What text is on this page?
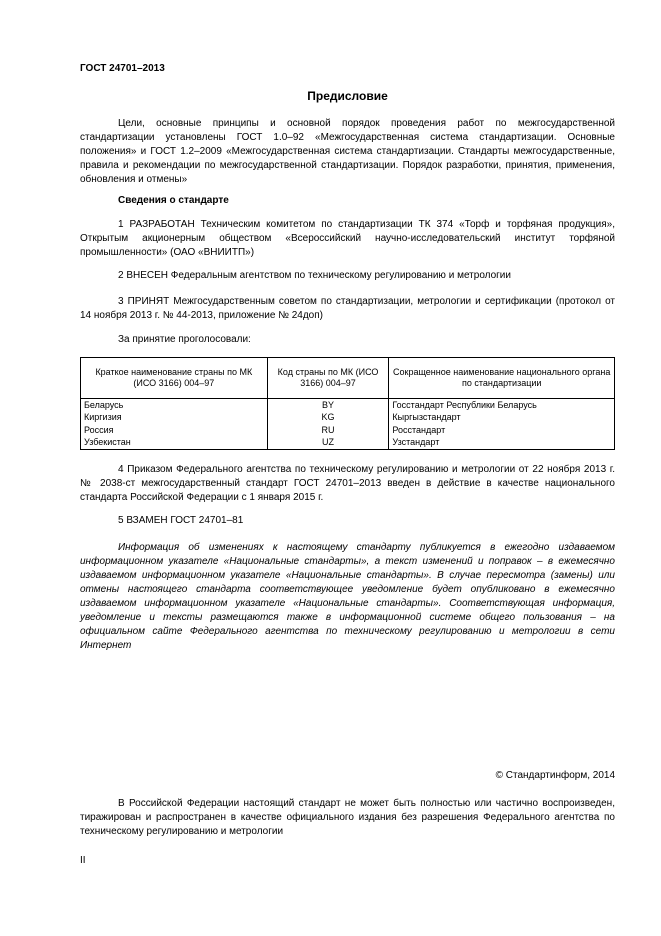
ГОСТ 24701–2013
Предисловие

Цели, основные принципы и основной порядок проведения работ по межгосударственной стандартизации установлены ГОСТ 1.0–92 «Межгосударственная система стандартизации. Основные положения» и ГОСТ 1.2–2009 «Межгосударственная система стандартизации. Стандарты межгосударственные, правила и рекомендации по межгосударственной стандартизации. Порядок разработки, принятия, применения, обновления и отмены»

Сведения о стандарте

1 РАЗРАБОТАН Техническим комитетом по стандартизации ТК 374 «Торф и торфяная продукция», Открытым акционерным обществом «Всероссийский научно-исследовательский институт торфяной промышленности» (ОАО «ВНИИТП»)

2 ВНЕСЕН Федеральным агентством по техническому регулированию и метрологии

3 ПРИНЯТ Межгосударственным советом по стандартизации, метрологии и сертификации (протокол от 14 ноября 2013 г. № 44-2013, приложение № 24доп)

За принятие проголосовали:
Краткое наименование страны по МК (ИСО 3166) 004–97	Код страны по МК (ИСО 3166) 004–97	Сокращенное наименование национального органа по стандартизации
Беларусь	BY	Госстандарт Республики Беларусь
Киргизия	KG	Кыргызстандарт
Россия	RU	Росстандарт
Узбекистан	UZ	Узстандарт

4 Приказом Федерального агентства по техническому регулированию и метрологии от 22 ноября 2013 г. № 2038-ст межгосударственный стандарт ГОСТ 24701–2013 введен в действие в качестве национального стандарта Российской Федерации с 1 января 2015 г.

5 ВЗАМЕН ГОСТ 24701–81

Информация об изменениях к настоящему стандарту публикуется в ежегодно издаваемом информационном указателе «Национальные стандарты», а текст изменений и поправок – в ежемесячно издаваемом информационном указателе «Национальные стандарты». В случае пересмотра (замены) или отмены настоящего стандарта соответствующее уведомление будет опубликовано в ежемесячно издаваемом информационном указателе «Национальные стандарты». Соответствующая информация, уведомление и тексты размещаются также в информационной системе общего пользования – на официальном сайте Федерального агентства по техническому регулированию и метрологии в сети Интернет

© Стандартинформ, 2014

В Российской Федерации настоящий стандарт не может быть полностью или частично воспроизведен, тиражирован и распространен в качестве официального издания без разрешения Федерального агентства по техническому регулированию и метрологии

II
